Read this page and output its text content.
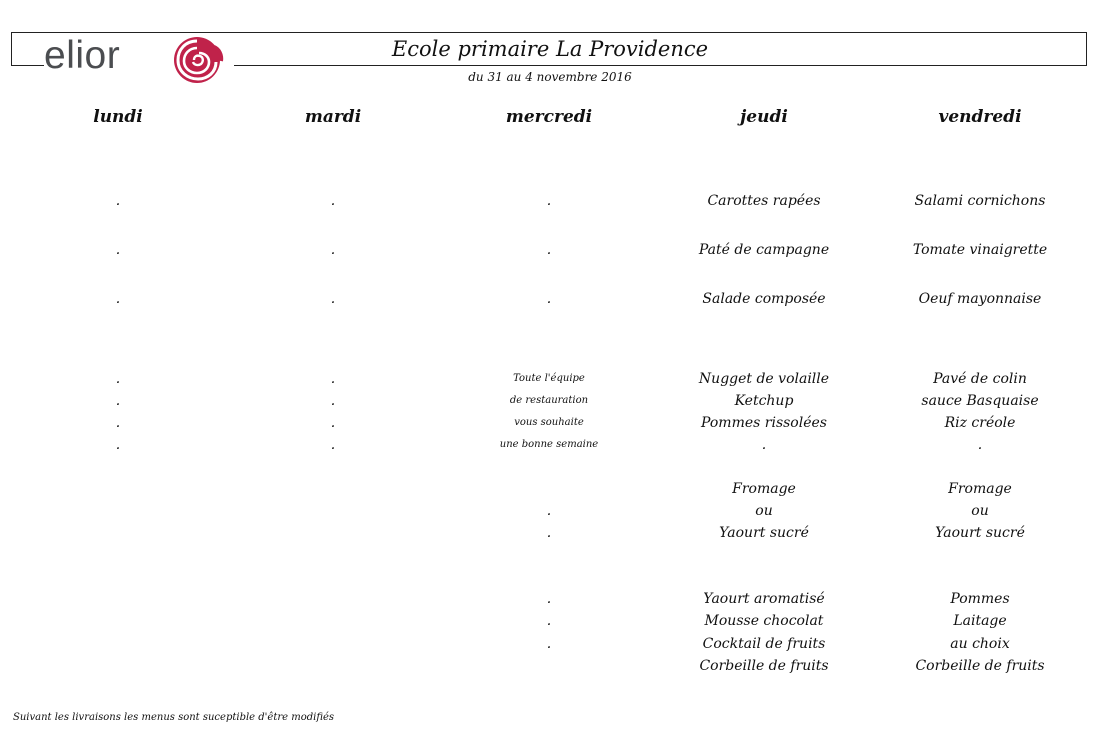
elior	Ecole primaire La Providence
du 31 au 4 novembre 2016
lundi
.
.
.
.
.
.
.
mardi
.
.
.
.
.
.
.
mercredi
.
.
.
Toute l'équipe
de restauration
vous souhaite
une bonne semaine
.
.
.
.
.
jeudi
Carottes rapées
Paté de campagne
Salade composée
Nugget de volaille
Ketchup
Pommes rissolées
.
Fromage
ou
Yaourt sucré
Yaourt aromatisé
Mousse chocolat
Cocktail de fruits
Corbeille de fruits
vendredi
Salami cornichons
Tomate vinaigrette
Oeuf mayonnaise
Pavé de colin
sauce Basquaise
Riz créole
.
Fromage
ou
Yaourt sucré
Pommes
Laitage
au choix
Corbeille de fruits
Suivant les livraisons les menus sont suceptible d'être modifiés
